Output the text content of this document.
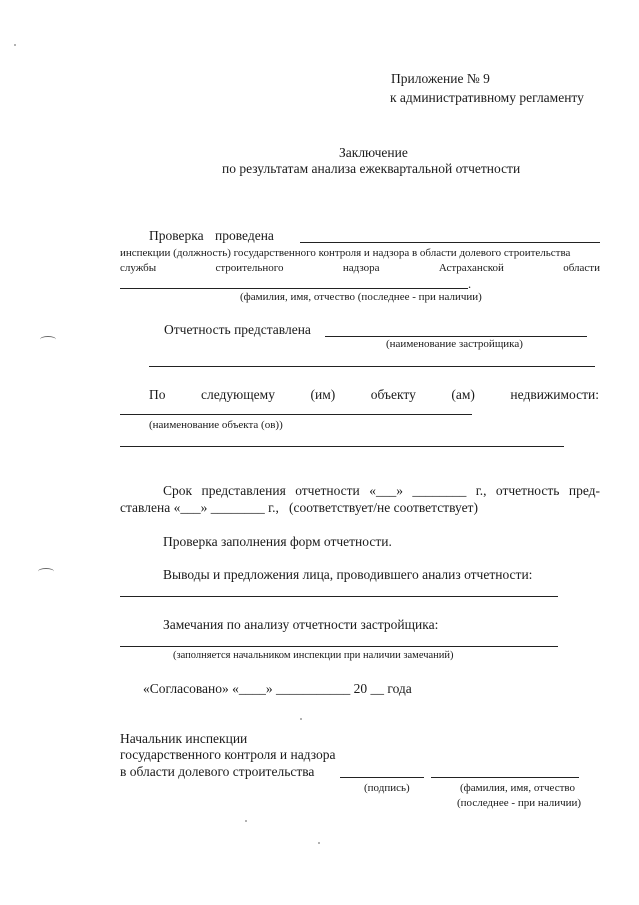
Приложение № 9
к административному регламенту
Заключение
по результатам анализа ежеквартальной отчетности
Проверка проведена
инспекции (должность) государственного контроля и надзора в области долевого строительства
службы	строительного	надзора	Астраханской	области
.
(фамилия, имя, отчество (последнее - при наличии)
Отчетность представлена
(наименование застройщика)
По	следующему	(им)	объекту	(ам)	недвижимости:
(наименование объекта (ов))
Срок представления отчетности «___» ________ г., отчетность пред-
ставлена «___» ________ г.,   (соответствует/не соответствует)
Проверка заполнения форм отчетности.
Выводы и предложения лица, проводившего анализ отчетности:
Замечания по анализу отчетности застройщика:
(заполняется начальником инспекции при наличии замечаний)
«Согласовано» «____» ___________ 20 __ года
Начальник инспекции
государственного контроля и надзора
в области долевого строительства
(подпись)	(фамилия, имя, отчество
(последнее - при наличии)
